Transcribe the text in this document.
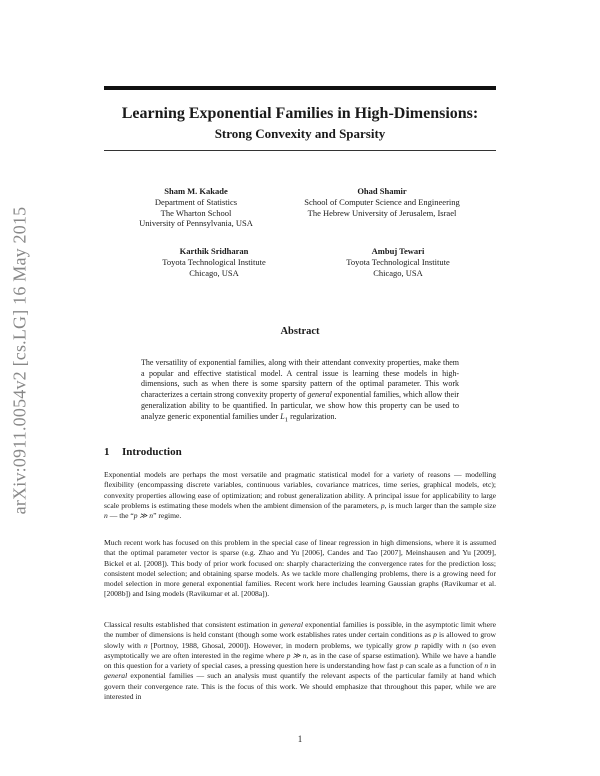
arXiv:0911.0054v2 [cs.LG] 16 May 2015
Learning Exponential Families in High-Dimensions:
Strong Convexity and Sparsity
Sham M. Kakade
Department of Statistics
The Wharton School
University of Pennsylvania, USA
Ohad Shamir
School of Computer Science and Engineering
The Hebrew University of Jerusalem, Israel
Karthik Sridharan
Toyota Technological Institute
Chicago, USA
Ambuj Tewari
Toyota Technological Institute
Chicago, USA
Abstract

The versatility of exponential families, along with their attendant convexity properties, make them a popular and effective statistical model. A central issue is learning these models in high-dimensions, such as when there is some sparsity pattern of the optimal parameter. This work characterizes a certain strong convexity property of general exponential families, which allow their generalization ability to be quantified. In particular, we show how this property can be used to analyze generic exponential families under $L_1$ regularization.

1 Introduction

Exponential models are perhaps the most versatile and pragmatic statistical model for a variety of reasons — modelling flexibility (encompassing discrete variables, continuous variables, covariance matrices, time series, graphical models, etc); convexity properties allowing ease of optimization; and robust generalization ability. A principal issue for applicability to large scale problems is estimating these models when the ambient dimension of the parameters, p, is much larger than the sample size n — the “p ≫ n” regime.

Much recent work has focused on this problem in the special case of linear regression in high dimensions, where it is assumed that the optimal parameter vector is sparse (e.g. Zhao and Yu [2006], Candes and Tao [2007], Meinshausen and Yu [2009], Bickel et al. [2008]). This body of prior work focused on: sharply characterizing the convergence rates for the prediction loss; consistent model selection; and obtaining sparse models. As we tackle more challenging problems, there is a growing need for model selection in more general exponential families. Recent work here includes learning Gaussian graphs (Ravikumar et al. [2008b]) and Ising models (Ravikumar et al. [2008a]).

Classical results established that consistent estimation in general exponential families is possible, in the asymptotic limit where the number of dimensions is held constant (though some work establishes rates under certain conditions as p is allowed to grow slowly with n [Portnoy, 1988, Ghosal, 2000]). However, in modern problems, we typically grow p rapidly with n (so even asymptotically we are often interested in the regime where p ≫ n, as in the case of sparse estimation). While we have a handle on this question for a variety of special cases, a pressing question here is understanding how fast p can scale as a function of n in general exponential families — such an analysis must quantify the relevant aspects of the particular family at hand which govern their convergence rate. This is the focus of this work. We should emphasize that throughout this paper, while we are interested in

1
